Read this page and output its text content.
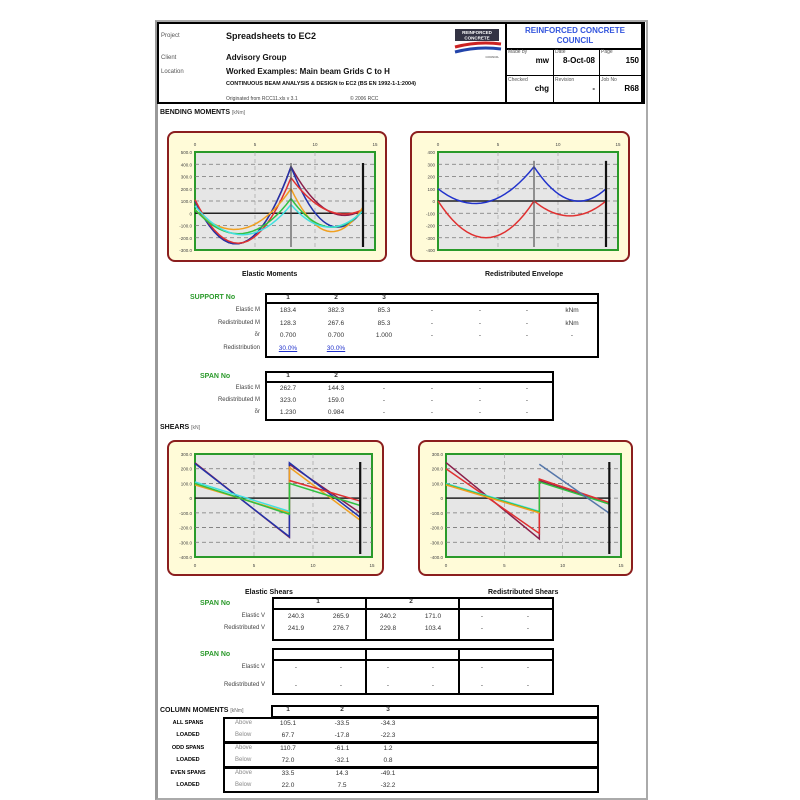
Project	Spreadsheets to EC2
Client	Advisory Group
Location	Worked Examples: Main beam Grids C to H
CONTINUOUS BEAM ANALYSIS & DESIGN to EC2 (BS EN 1992-1-1:2004)
Originated from RCC11.xls v 3.1	© 2006 RCC
REINFORCED
CONCRETE
COUNCIL
REINFORCED CONCRETE COUNCIL
Made by
mw
Date
8-Oct-08
Page
150
Checked
chg
Revision
-
Job No
R68
BENDING MOMENTS [kNm]
500.0
400.0
300.0
200.0
100.0
0
-100.0
-200.0
-300.0
0	5	10	15
400
300
200
100
0
-100
-200
-300
-400
0	5	10	15
Elastic Moments	Redistributed Envelope
SUPPORT No	1	2	3
Elastic M	183.4	382.3	85.3	-	-	-	kNm
Redistributed M	128.3	267.6	85.3	-	-	-	kNm
δr	0.700	0.700	1.000	-	-	-	-
Redistribution	30.0%	30.0%
SPAN No	1	2
Elastic M	262.7	144.3	-	-	-	-
Redistributed M	323.0	159.0	-	-	-	-
δr	1.230	0.984	-	-	-	-
SPAN No	1	2
Elastic V	240.3	265.9	240.2	171.0	-	-
Redistributed V	241.9	276.7	229.8	103.4	-	-
SPAN No
Elastic V	-	-	-	-	-	-
Redistributed V	-	-	-	-	-	-
COLUMN MOMENTS [kNm]	1	2	3
ALL SPANS
LOADED
Above	105.1	-33.5	-34.3
Below	67.7	-17.8	-22.3
ODD SPANS
LOADED
Above	110.7	-61.1	1.2
Below	72.0	-32.1	0.8
EVEN SPANS
LOADED
Above	33.5	14.3	-49.1
Below	22.0	7.5	-32.2
SHEARS [kN]
300.0
200.0
100.0
0
-100.0
-200.0
-300.0
-400.0
0	5	10	15
300.0
200.0
100.0
0
-100.0
-200.0
-300.0
-400.0
0	5	10	15
Elastic Shears	Redistributed Shears
